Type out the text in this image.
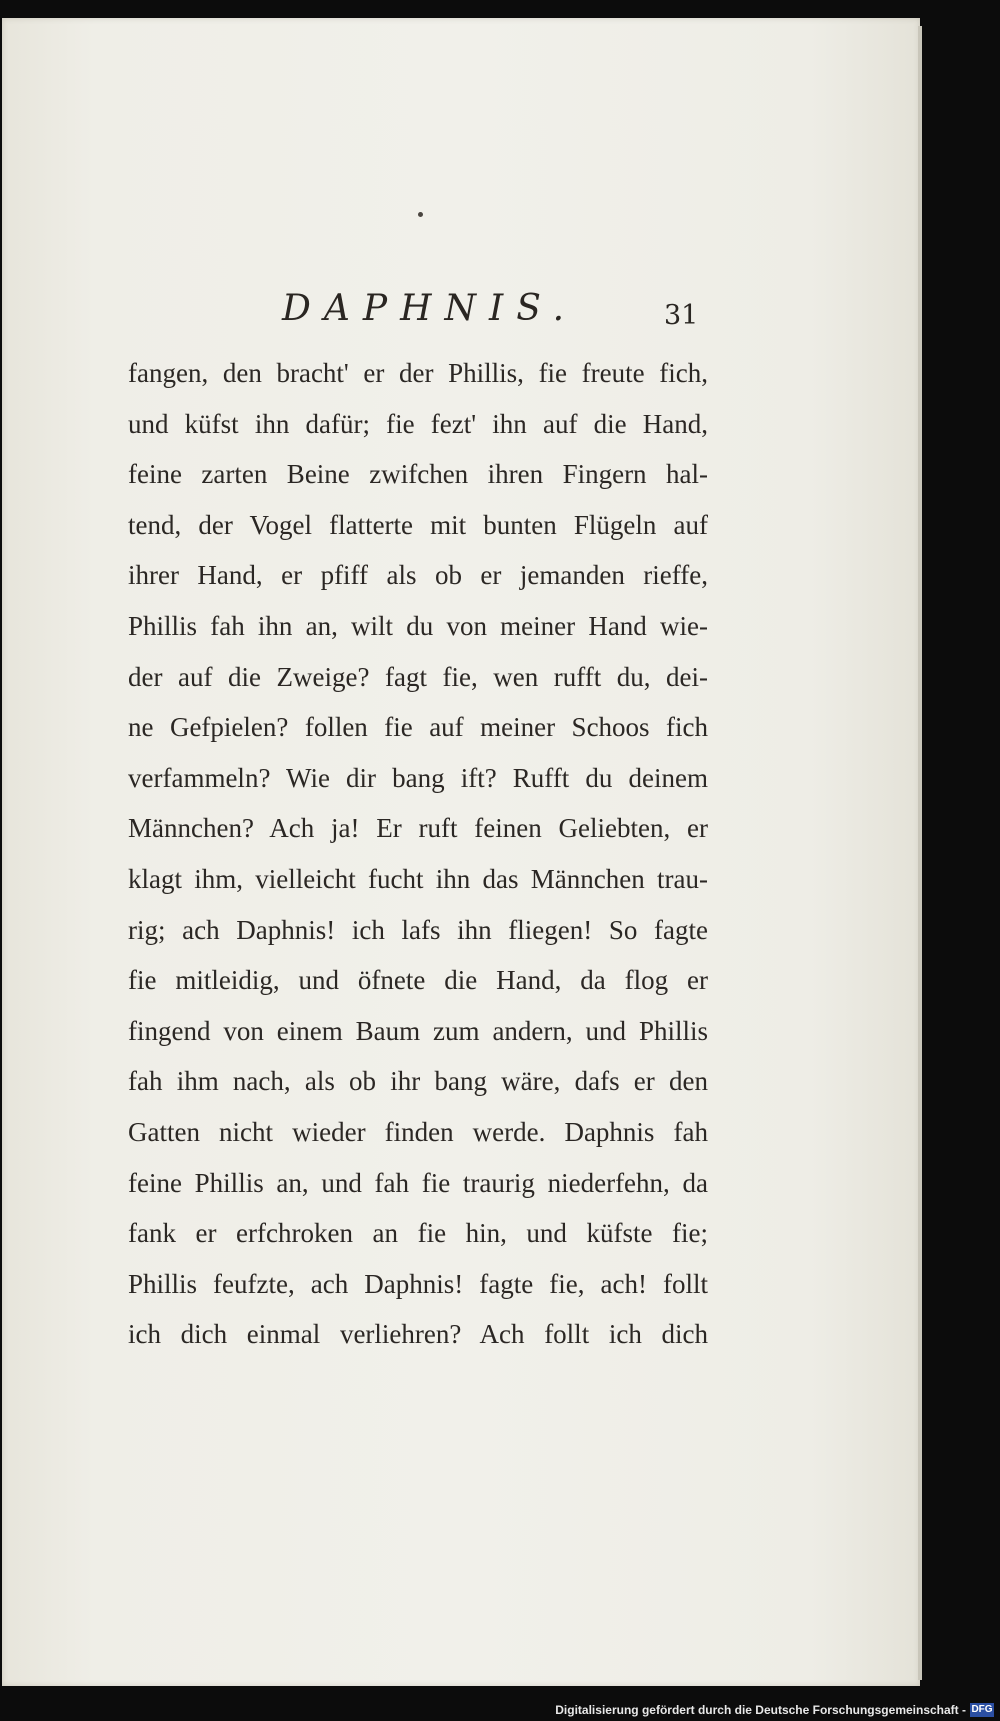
DAPHNIS.	31
fangen, den bracht' er der Phillis, fie freute fich,
und küfst ihn dafür; fie fezt' ihn auf die Hand,
feine zarten Beine zwifchen ihren Fingern hal-
tend, der Vogel flatterte mit bunten Flügeln auf
ihrer Hand, er pfiff als ob er jemanden rieffe,
Phillis fah ihn an, wilt du von meiner Hand wie-
der auf die Zweige? fagt fie, wen rufft du, dei-
ne Gefpielen? follen fie auf meiner Schoos fich
verfammeln? Wie dir bang ift? Rufft du deinem
Männchen? Ach ja! Er ruft feinen Geliebten, er
klagt ihm, vielleicht fucht ihn das Männchen trau-
rig; ach Daphnis! ich lafs ihn fliegen! So fagte
fie mitleidig, und öfnete die Hand, da flog er
fingend von einem Baum zum andern, und Phillis
fah ihm nach, als ob ihr bang wäre, dafs er den
Gatten nicht wieder finden werde. Daphnis fah
feine Phillis an, und fah fie traurig niederfehn, da
fank er erfchroken an fie hin, und küfste fie;
Phillis feufzte, ach Daphnis! fagte fie, ach! follt
ich dich einmal verliehren? Ach follt ich dich
Digitalisierung gefördert durch die Deutsche Forschungsgemeinschaft - DFG
